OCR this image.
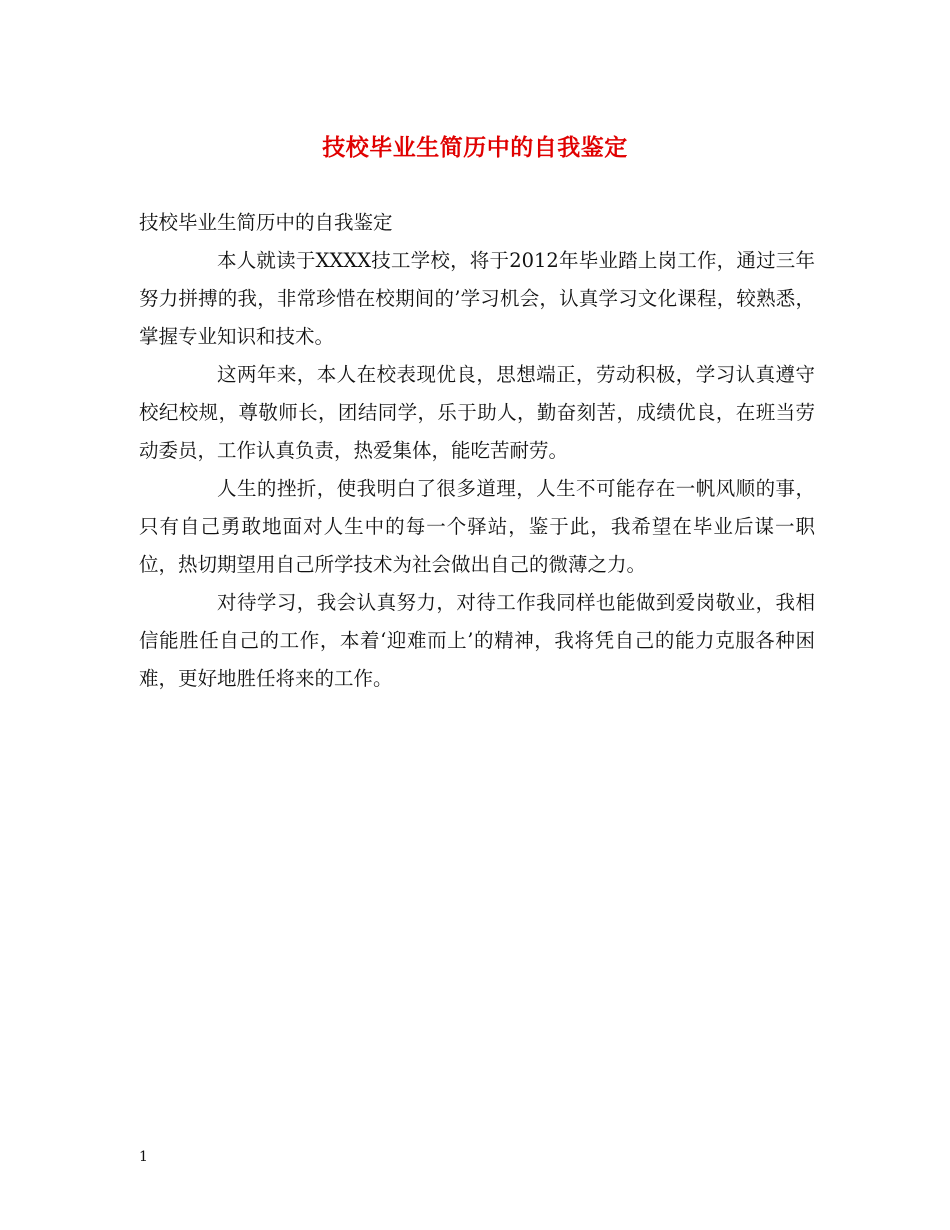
技校毕业生简历中的自我鉴定

技校毕业生简历中的自我鉴定

本人就读于XXXX技工学校，将于2012年毕业踏上岗工作，通过三年努力拼搏的我，非常珍惜在校期间的’学习机会，认真学习文化课程，较熟悉，掌握专业知识和技术。

这两年来，本人在校表现优良，思想端正，劳动积极，学习认真遵守校纪校规，尊敬师长，团结同学，乐于助人，勤奋刻苦，成绩优良，在班当劳动委员，工作认真负责，热爱集体，能吃苦耐劳。

人生的挫折，使我明白了很多道理，人生不可能存在一帆风顺的事，只有自己勇敢地面对人生中的每一个驿站，鉴于此，我希望在毕业后谋一职位，热切期望用自己所学技术为社会做出自己的微薄之力。

对待学习，我会认真努力，对待工作我同样也能做到爱岗敬业，我相信能胜任自己的工作，本着‘迎难而上’的精神，我将凭自己的能力克服各种困难，更好地胜任将来的工作。

1
